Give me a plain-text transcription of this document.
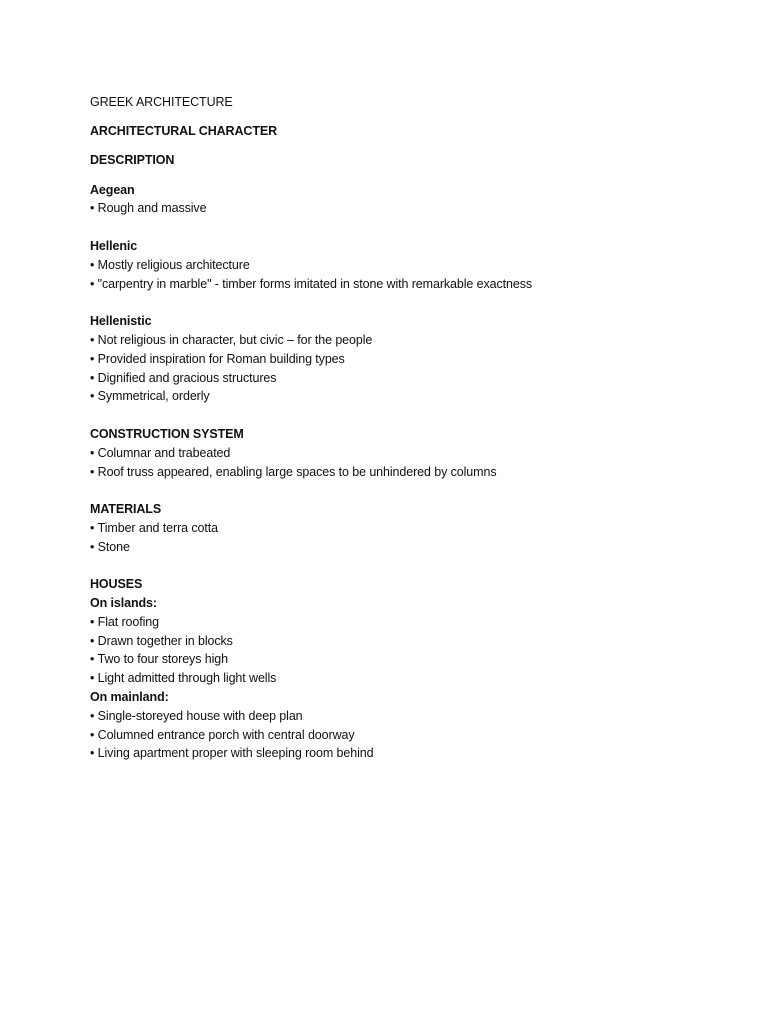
GREEK ARCHITECTURE
ARCHITECTURAL CHARACTER
DESCRIPTION
Aegean
• Rough and massive
Hellenic
• Mostly religious architecture
• "carpentry in marble" - timber forms imitated in stone with remarkable exactness
Hellenistic
• Not religious in character, but civic – for the people
• Provided inspiration for Roman building types
• Dignified and gracious structures
• Symmetrical, orderly
CONSTRUCTION SYSTEM
• Columnar and trabeated
• Roof truss appeared, enabling large spaces to be unhindered by columns
MATERIALS
• Timber and terra cotta
• Stone
HOUSES
On islands:
• Flat roofing
• Drawn together in blocks
• Two to four storeys high
• Light admitted through light wells
On mainland:
• Single-storeyed house with deep plan
• Columned entrance porch with central doorway
• Living apartment proper with sleeping room behind
